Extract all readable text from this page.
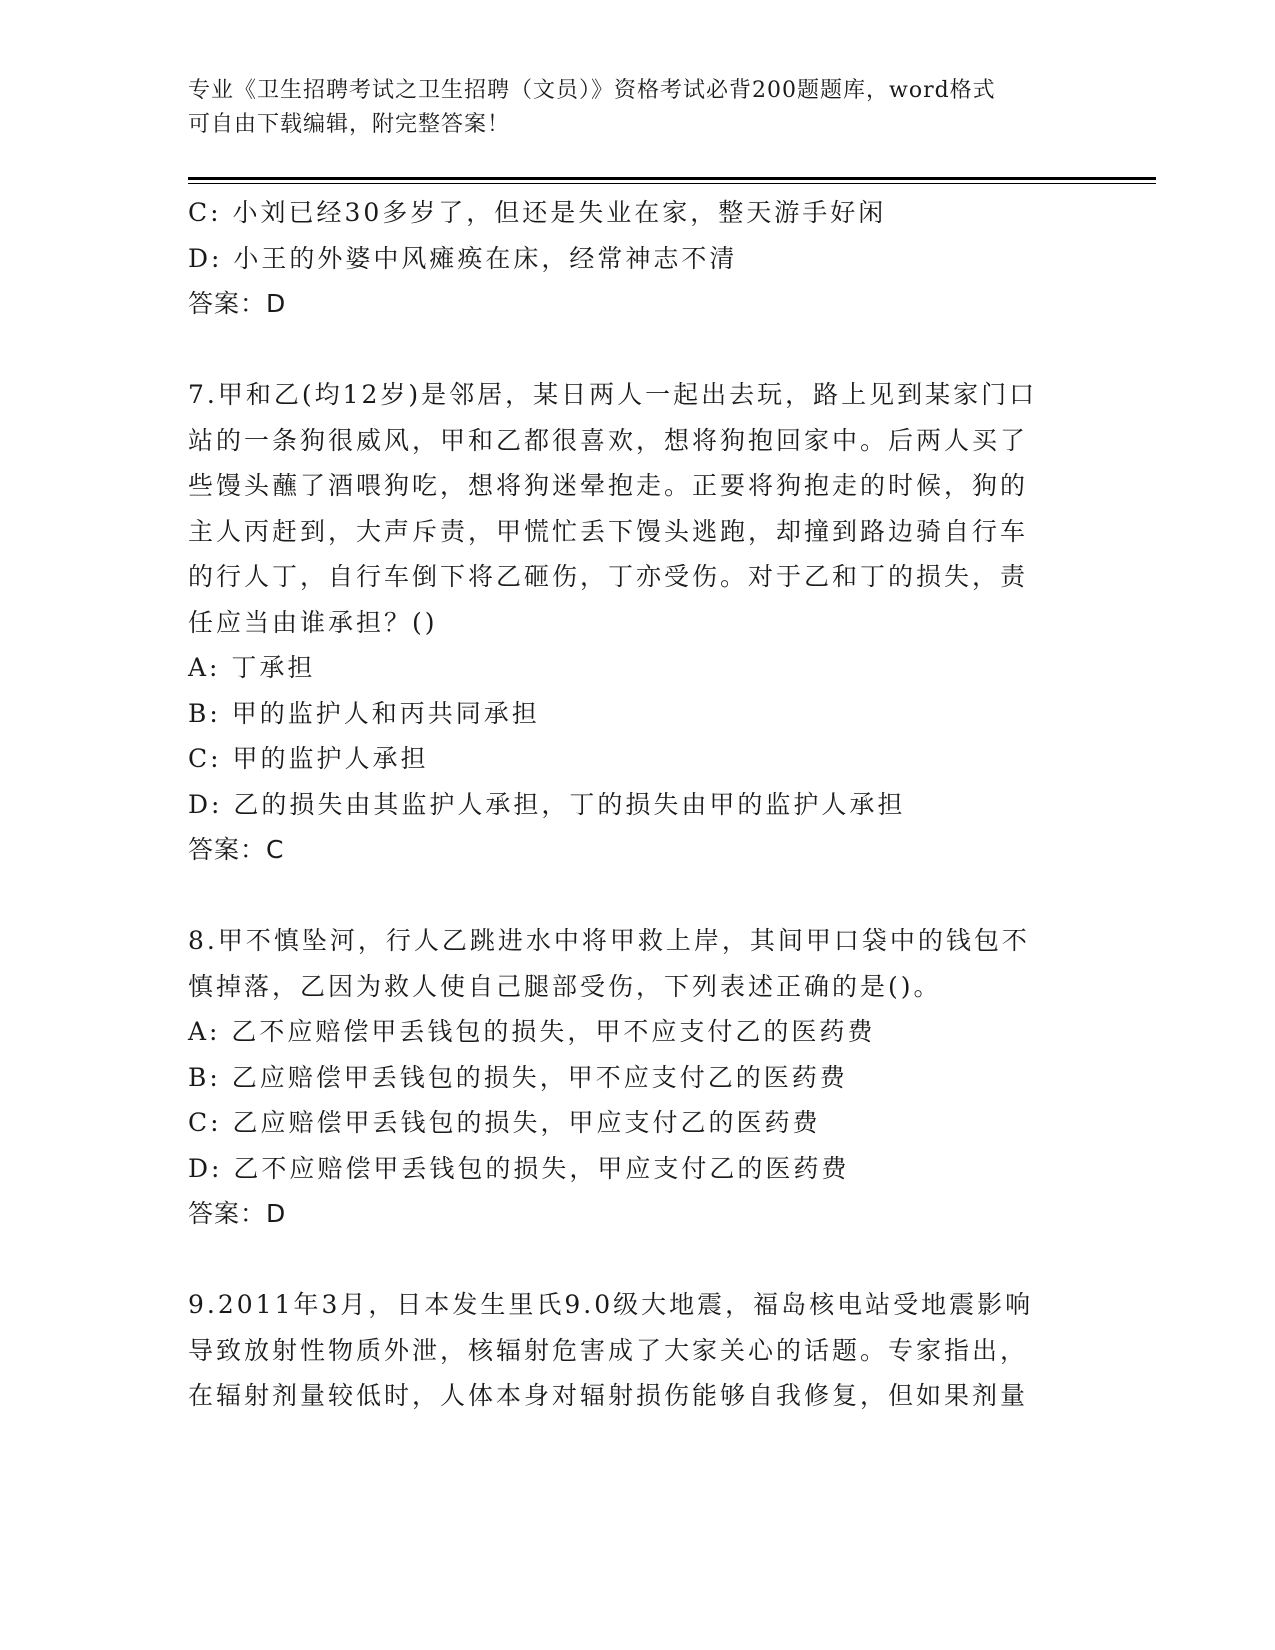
专业《卫生招聘考试之卫生招聘（文员）》资格考试必背200题题库，word格式
可自由下载编辑，附完整答案！
C: 小刘已经30多岁了，但还是失业在家，整天游手好闲
D: 小王的外婆中风瘫痪在床，经常神志不清
答案：D
7.甲和乙(均12岁)是邻居，某日两人一起出去玩，路上见到某家门口
站的一条狗很威风，甲和乙都很喜欢，想将狗抱回家中。后两人买了
些馒头蘸了酒喂狗吃，想将狗迷晕抱走。正要将狗抱走的时候，狗的
主人丙赶到，大声斥责，甲慌忙丢下馒头逃跑，却撞到路边骑自行车
的行人丁，自行车倒下将乙砸伤，丁亦受伤。对于乙和丁的损失，责
任应当由谁承担？()
A: 丁承担
B: 甲的监护人和丙共同承担
C: 甲的监护人承担
D: 乙的损失由其监护人承担，丁的损失由甲的监护人承担
答案：C
8.甲不慎坠河，行人乙跳进水中将甲救上岸，其间甲口袋中的钱包不
慎掉落，乙因为救人使自己腿部受伤，下列表述正确的是()。
A: 乙不应赔偿甲丢钱包的损失，甲不应支付乙的医药费
B: 乙应赔偿甲丢钱包的损失，甲不应支付乙的医药费
C: 乙应赔偿甲丢钱包的损失，甲应支付乙的医药费
D: 乙不应赔偿甲丢钱包的损失，甲应支付乙的医药费
答案：D
9.2011年3月，日本发生里氏9.0级大地震，福岛核电站受地震影响
导致放射性物质外泄，核辐射危害成了大家关心的话题。专家指出，
在辐射剂量较低时，人体本身对辐射损伤能够自我修复，但如果剂量
